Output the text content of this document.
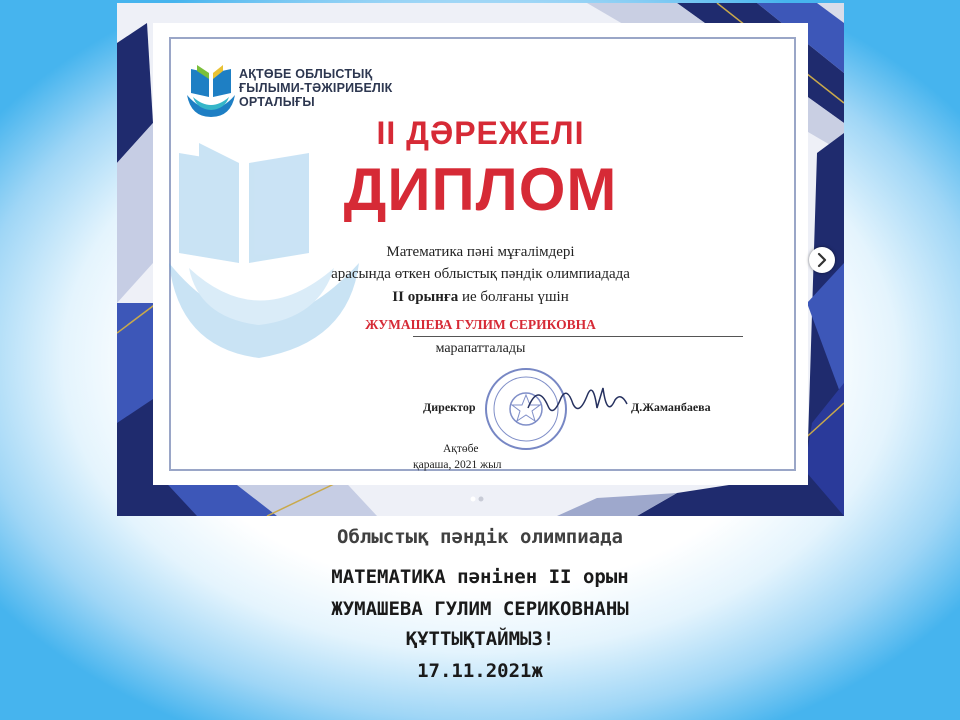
АҚТӨБЕ ОБЛЫСТЫҚ
ҒЫЛЫМИ-ТӘЖІРИБЕЛІК
ОРТАЛЫҒЫ
ІІ ДӘРЕЖЕЛІ
ДИПЛОМ
Математика пәні мұғалімдері
арасында өткен облыстық пәндік олимпиадада
ІІ орынға ие болғаны үшін
ЖУМАШЕВА ГУЛИМ СЕРИКОВНА
марапатталады
Директор	Д.Жаманбаева
Ақтөбе
қараша, 2021 жыл
Облыстық пәндік олимпиада
МАТЕМАТИКА пәнінен ІІ орын
ЖУМАШЕВА ГУЛИМ СЕРИКОВНАНЫ
ҚҰТТЫҚТАЙМЫЗ!
17.11.2021ж
